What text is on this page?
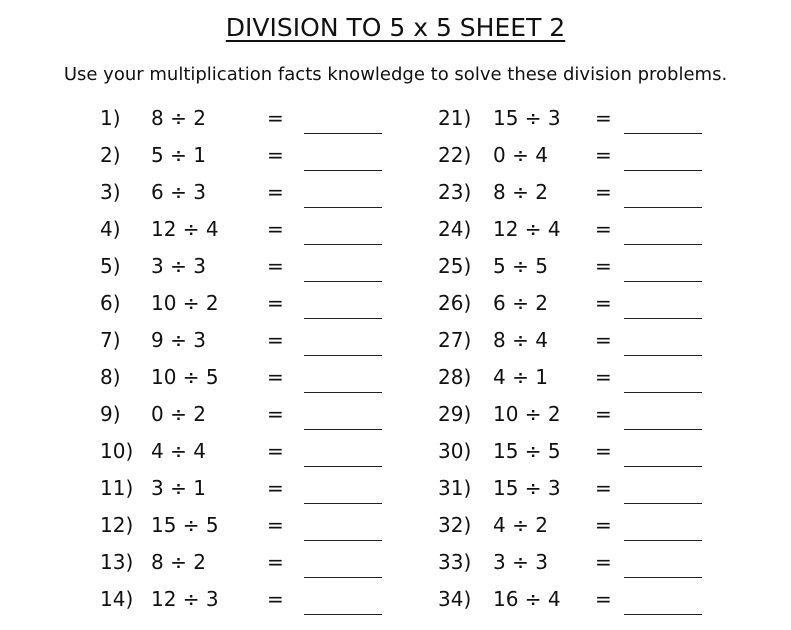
DIVISION TO 5 x 5 SHEET 2
Use your multiplication facts knowledge to solve these division problems.
1) 8 ÷ 2	=
2) 5 ÷ 1	=
3) 6 ÷ 3	=
4) 12 ÷ 4 =
5) 3 ÷ 3	=
6) 10 ÷ 2 =
7) 9 ÷ 3	=
8) 10 ÷ 5 =
9) 0 ÷ 2	=
10) 4 ÷ 4	=
11) 3 ÷ 1	=
12) 15 ÷ 5 =
13) 8 ÷ 2	=
14) 12 ÷ 3 =
21) 15 ÷ 3 =
22) 0 ÷ 4 =
23) 8 ÷ 2 =
24) 12 ÷ 4 =
25) 5 ÷ 5 =
26) 6 ÷ 2 =
27) 8 ÷ 4 =
28) 4 ÷ 1 =
29) 10 ÷ 2 =
30) 15 ÷ 5 =
31) 15 ÷ 3 =
32) 4 ÷ 2 =
33) 3 ÷ 3 =
34) 16 ÷ 4 =
